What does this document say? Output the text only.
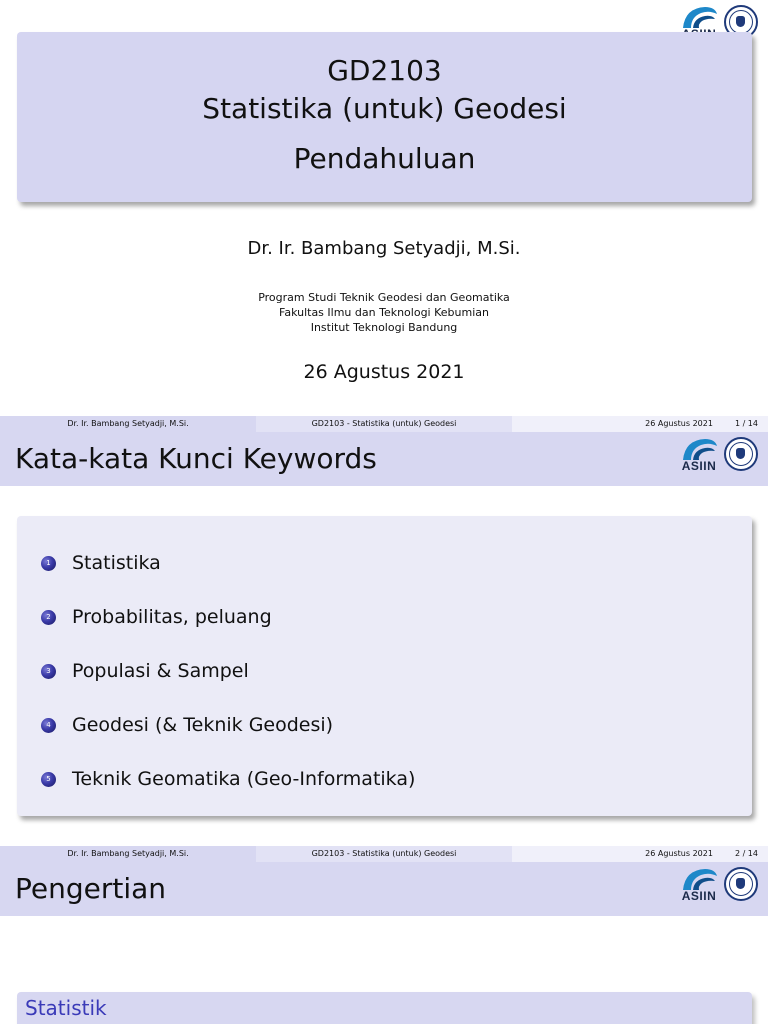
GD2103
Statistika (untuk) Geodesi
Pendahuluan
Dr. Ir. Bambang Setyadji, M.Si.
Program Studi Teknik Geodesi dan Geomatika
Fakultas Ilmu dan Teknologi Kebumian
Institut Teknologi Bandung
26 Agustus 2021
Dr. Ir. Bambang Setyadji, M.Si.	GD2103 - Statistika (untuk) Geodesi	26 Agustus 2021	1 / 14
Kata-kata Kunci Keywords	ASIIN
1 Statistika
2 Probabilitas, peluang
3 Populasi & Sampel
4 Geodesi (& Teknik Geodesi)
5 Teknik Geomatika (Geo-Informatika)
Dr. Ir. Bambang Setyadji, M.Si.	GD2103 - Statistika (untuk) Geodesi	26 Agustus 2021	2 / 14
Pengertian	ASIIN
Statistik
